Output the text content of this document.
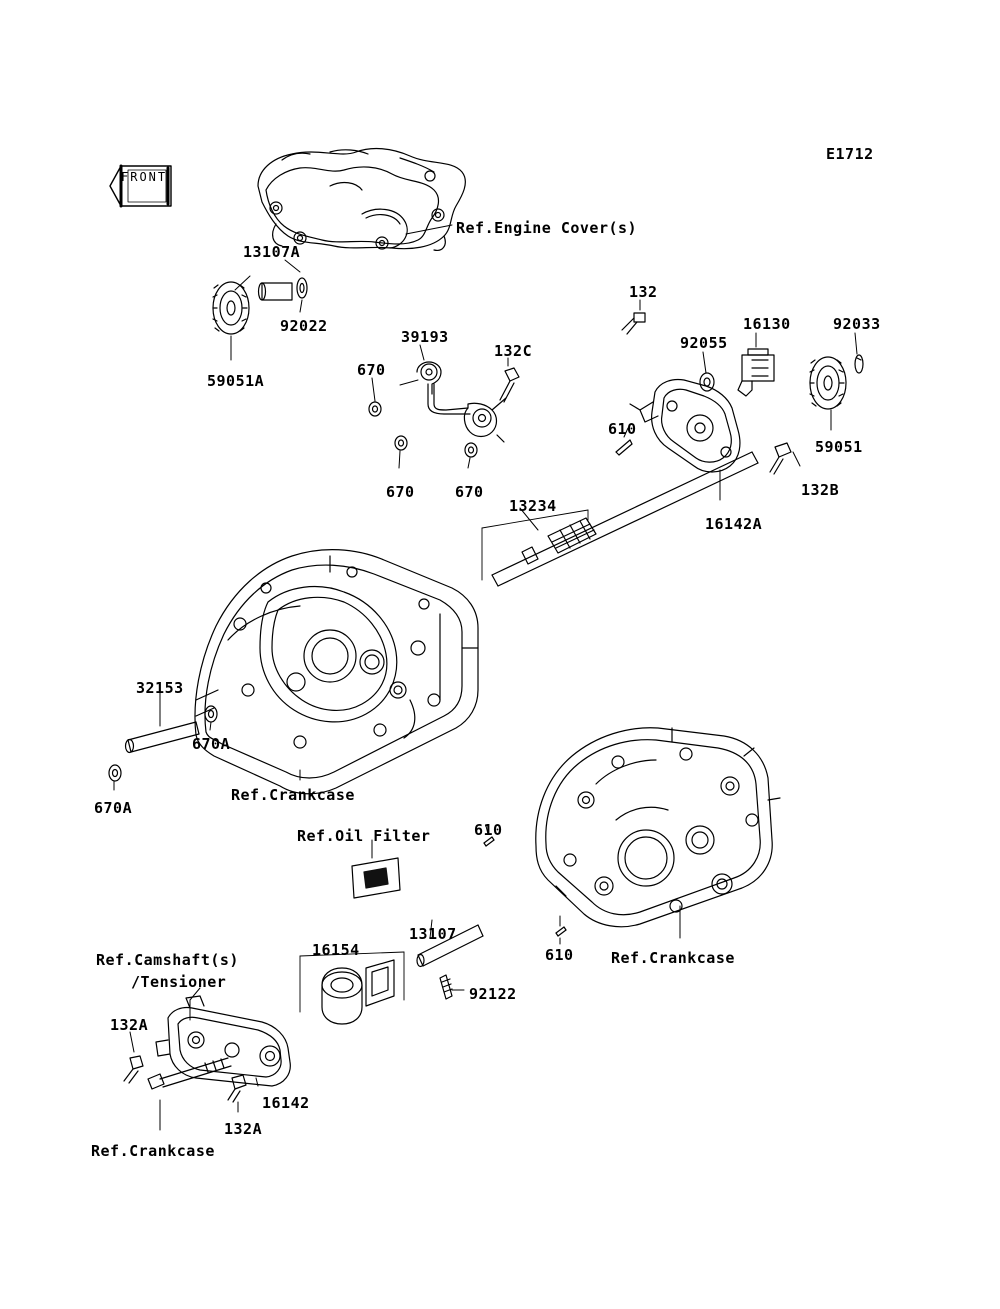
E1712
FRONT
13107A
92022
59051A
Ref.Engine Cover(s)
39193
132C
670
670	670
132
92055
16130	92033
59051
610
132B
16142A
13234
32153
670A
670A
Ref.Crankcase
Ref.Oil Filter	610
610 Ref.Crankcase
16154
13107
92122
Ref.Camshaft(s)
/Tensioner
132A
132A
16142
Ref.Crankcase
